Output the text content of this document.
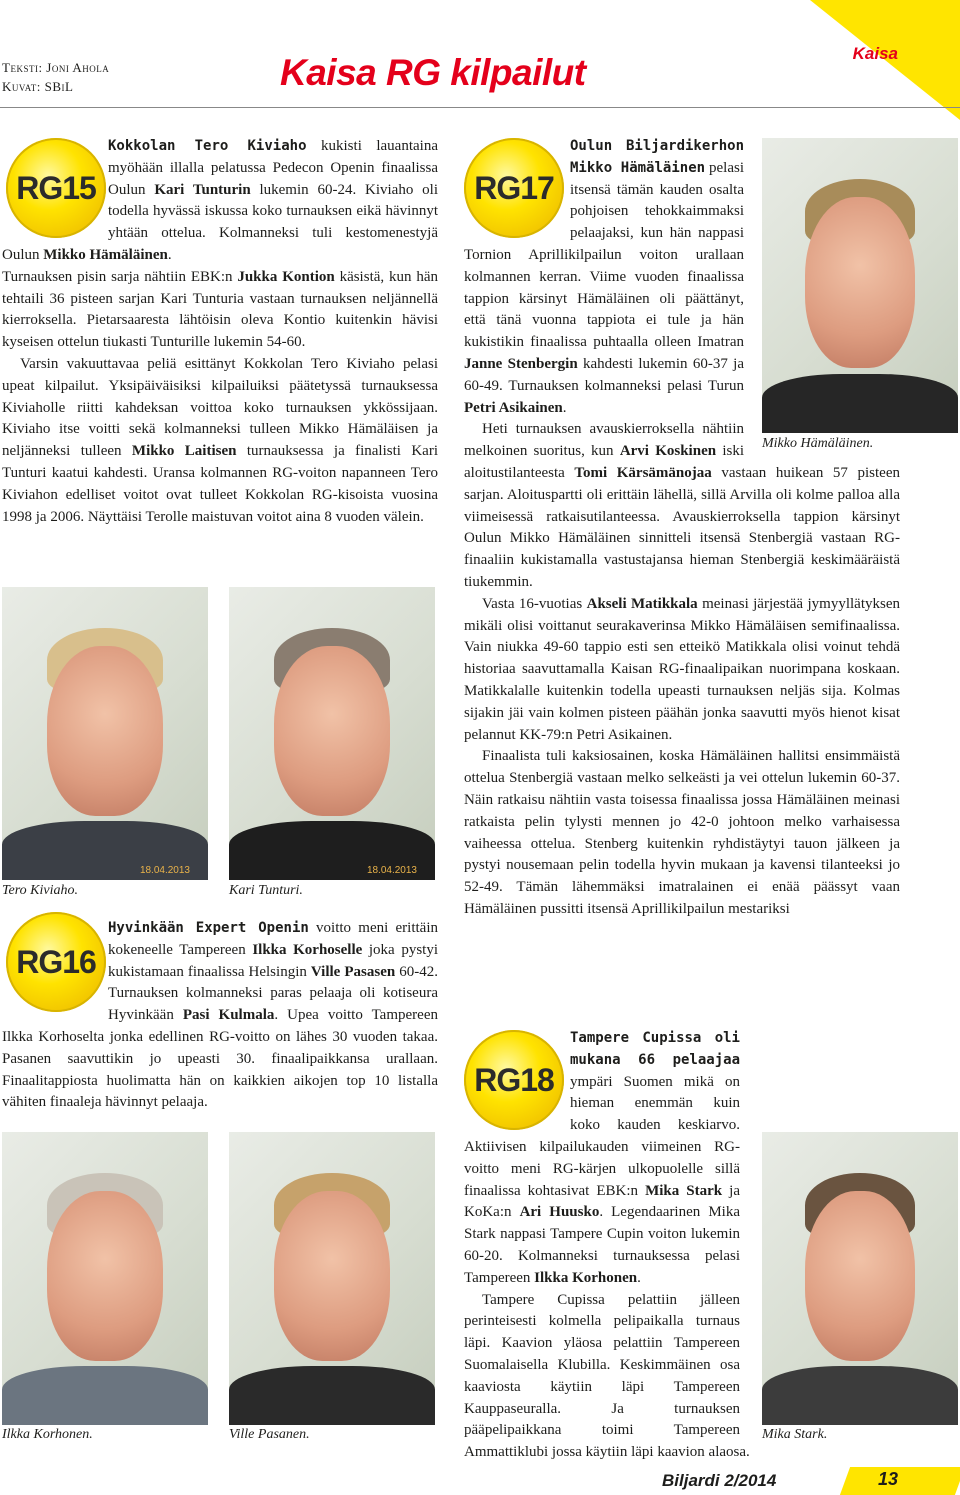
Kaisa
Teksti: Joni Ahola
Kuvat: SBiL	Kaisa RG kilpailut
RG15

Kokkolan Tero Kiviaho kukisti lauantaina myöhään illalla pelatussa Pedecon Openin finaalissa Oulun Kari Tunturin lukemin 60-24. Kiviaho oli todella hyvässä iskussa koko turnauksen eikä hävinnyt yhtään ottelua. Kolmanneksi tuli kestomenestyjä Oulun Mikko Hämäläinen.

Turnauksen pisin sarja nähtiin EBK:n Jukka Kontion käsistä, kun hän tehtaili 36 pisteen sarjan Kari Tunturia vastaan turnauksen neljännellä kierroksella. Pietarsaaresta lähtöisin oleva Kontio kuitenkin hävisi kyseisen ottelun tiukasti Tunturille lukemin 54-60.

Varsin vakuuttavaa peliä esittänyt Kokkolan Tero Kiviaho pelasi upeat kilpailut. Yksipäiväisiksi kilpailuiksi päätetyssä turnauksessa Kiviaholle riitti kahdeksan voittoa koko turnauksen ykkössijaan. Kiviaho itse voitti sekä kolmanneksi tulleen Mikko Hämäläisen ja neljänneksi tulleen Mikko Laitisen turnauksessa ja finalisti Kari Tunturi kaatui kahdesti. Uransa kolmannen RG-voiton napanneen Tero Kiviahon edelliset voitot ovat tulleet Kokkolan RG-kisoista vuosina 1998 ja 2006. Näyttäisi Terolle maistuvan voitot aina 8 vuoden välein.

18.04.2013
Tero Kiviaho.
18.04.2013
Kari Tunturi.
RG16

Hyvinkään Expert Openin voitto meni erittäin kokeneelle Tampereen Ilkka Korhoselle joka pystyi kukistamaan finaalissa Helsingin Ville Pasasen 60-42. Turnauksen kolmanneksi paras pelaaja oli kotiseura Hyvinkään Pasi Kulmala. Upea voitto Tampereen Ilkka Korhoselta jonka edellinen RG-voitto on lähes 30 vuoden takaa. Pasanen saavuttikin jo upeasti 30. finaalipaikkansa urallaan. Finaalitappiosta huolimatta hän on kaikkien aikojen top 10 listalla vähiten finaaleja hävinnyt pelaaja.

Ilkka Korhonen.	Ville Pasanen.
RG17
Mikko Hämäläinen.

Oulun Biljardikerhon Mikko Hämäläinen pelasi itsensä tämän kauden osalta pohjoisen tehokkaimmaksi pelaajaksi, kun hän nappasi Tornion Aprillikilpailun voiton urallaan kolmannen kerran. Viime vuoden finaalissa tappion kärsinyt Hämäläinen oli päättänyt, että tänä vuonna tappiota ei tule ja hän kukistikin finaalissa puhtaalla olleen Imatran Janne Stenbergin kahdesti lukemin 60-37 ja 60-49. Turnauksen kolmanneksi pelasi Turun Petri Asikainen.

Heti turnauksen avauskierroksella nähtiin melkoinen suoritus, kun Arvi Koskinen iski aloitustilanteesta Tomi Kärsämänojaa vastaan huikean 57 pisteen sarjan. Aloituspartti oli erittäin lähellä, sillä Arvilla oli kolme palloa alla viimeisessä ratkaisutilanteessa. Avauskierroksella tappion kärsinyt Oulun Mikko Hämäläinen sinnitteli itsensä Stenbergiä vastaan RG-finaaliin kukistamalla vastustajansa hieman Stenbergiä keskimääräistä tiukemmin.

Vasta 16-vuotias Akseli Matikkala meinasi järjestää jymyyllätyksen mikäli olisi voittanut seurakaverinsa Mikko Hämäläisen semifinaalissa. Vain niukka 49-60 tappio esti sen etteikö Matikkala olisi voinut tehdä historiaa saavuttamalla Kaisan RG-finaalipaikan nuorimpana koskaan. Matikkalalle kuitenkin todella upeasti turnauksen neljäs sija. Kolmas sijakin jäi vain kolmen pisteen päähän jonka saavutti myös hienot kisat pelannut KK-79:n Petri Asikainen.

Finaalista tuli kaksiosainen, koska Hämäläinen hallitsi ensimmäistä ottelua Stenbergiä vastaan melko selkeästi ja vei ottelun lukemin 60-37. Näin ratkaisu nähtiin vasta toisessa finaalissa jossa Hämäläinen meinasi ratkaista pelin tylysti mennen jo 42-0 johtoon melko varhaisessa vaiheessa ottelua. Stenberg kuitenkin ryhdistäytyi tauon jälkeen ja pystyi nousemaan pelin todella hyvin mukaan ja kavensi tilanteeksi jo 52-49. Tämän lähemmäksi imatralainen ei enää päässyt vaan Hämäläinen pussitti itsensä Aprillikilpailun mestariksi

RG18
Mika Stark.

Tampere Cupissa oli mukana 66 pelaajaa ympäri Suomen mikä on hieman enemmän kuin koko kauden keskiarvo. Aktiivisen kilpailukauden viimeinen RG-voitto meni RG-kärjen ulkopuolelle sillä finaalissa kohtasivat EBK:n Mika Stark ja KoKa:n Ari Huusko. Legendaarinen Mika Stark nappasi Tampere Cupin voiton lukemin 60-20. Kolmanneksi turnauksessa pelasi Tampereen Ilkka Korhonen.

Tampere Cupissa pelattiin jälleen perinteisesti kolmella pelipaikalla turnaus läpi. Kaavion yläosa pelattiin Tampereen Suomalaisella Klubilla. Keskimmäinen osa kaaviosta käytiin läpi Tampereen Kauppaseuralla. Ja turnauksen pääpelipaikkana toimi Tampereen Ammattiklubi jossa käytiin läpi kaavion alaosa.

Biljardi 2/2014	13
